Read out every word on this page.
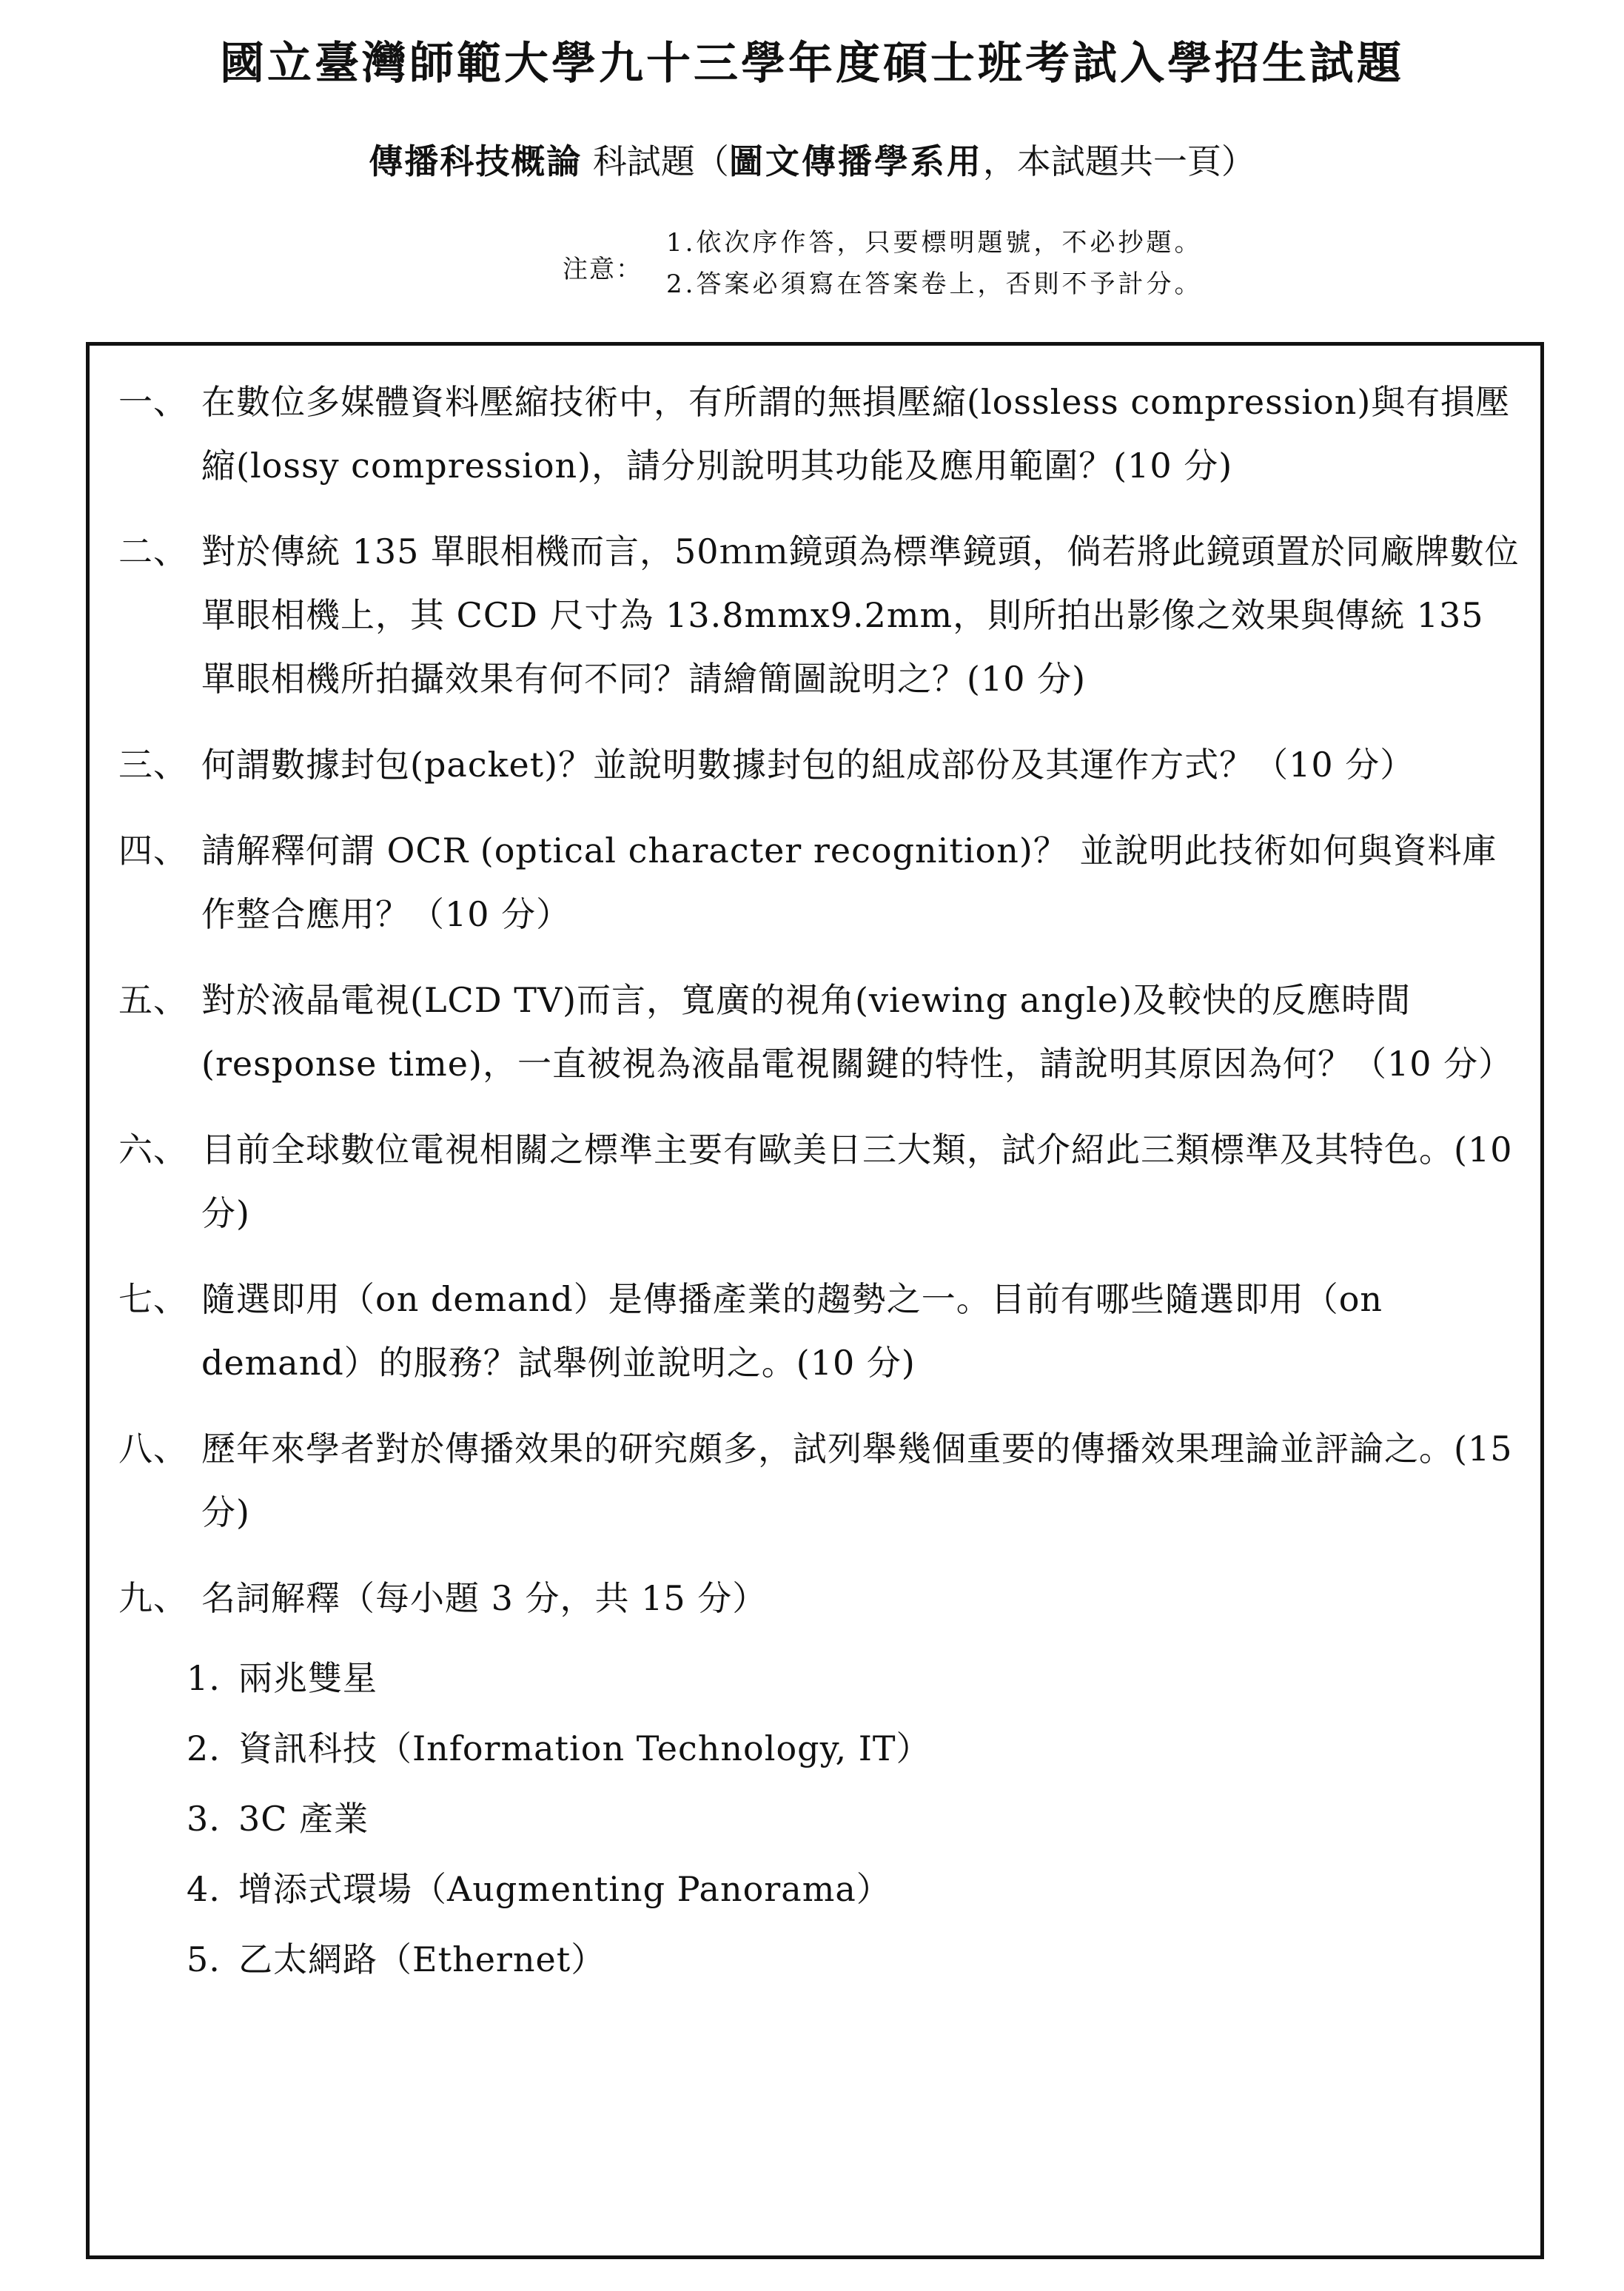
國立臺灣師範大學九十三學年度碩士班考試入學招生試題
傳播科技概論 科試題（圖文傳播學系用，本試題共一頁）
注意：
1.依次序作答，只要標明題號，不必抄題。
2.答案必須寫在答案卷上，否則不予計分。
一、 在數位多媒體資料壓縮技術中，有所謂的無損壓縮(lossless compression)與有損壓縮(lossy compression)，請分別說明其功能及應用範圍？(10 分)
二、 對於傳統 135 單眼相機而言，50ｍｍ鏡頭為標準鏡頭，倘若將此鏡頭置於同廠牌數位單眼相機上，其 CCD 尺寸為 13.8mmx9.2mm，則所拍出影像之效果與傳統 135 單眼相機所拍攝效果有何不同？請繪簡圖說明之？(10 分)
三、 何謂數據封包(packet)？並說明數據封包的組成部份及其運作方式？（10 分）
四、 請解釋何謂 OCR (optical character recognition)？ 並說明此技術如何與資料庫作整合應用？（10 分）
五、 對於液晶電視(LCD TV)而言，寬廣的視角(viewing angle)及較快的反應時間(response time)，一直被視為液晶電視關鍵的特性，請說明其原因為何？（10 分）
六、 目前全球數位電視相關之標準主要有歐美日三大類，試介紹此三類標準及其特色。(10 分)
七、 隨選即用（on demand）是傳播產業的趨勢之一。目前有哪些隨選即用（on demand）的服務？試舉例並說明之。(10 分)
八、 歷年來學者對於傳播效果的研究頗多，試列舉幾個重要的傳播效果理論並評論之。(15 分)
九、 名詞解釋（每小題 3 分，共 15 分）
1. 兩兆雙星
2. 資訊科技（Information Technology, IT）
3. 3C 產業
4. 增添式環場（Augmenting Panorama）
5. 乙太網路（Ethernet）
